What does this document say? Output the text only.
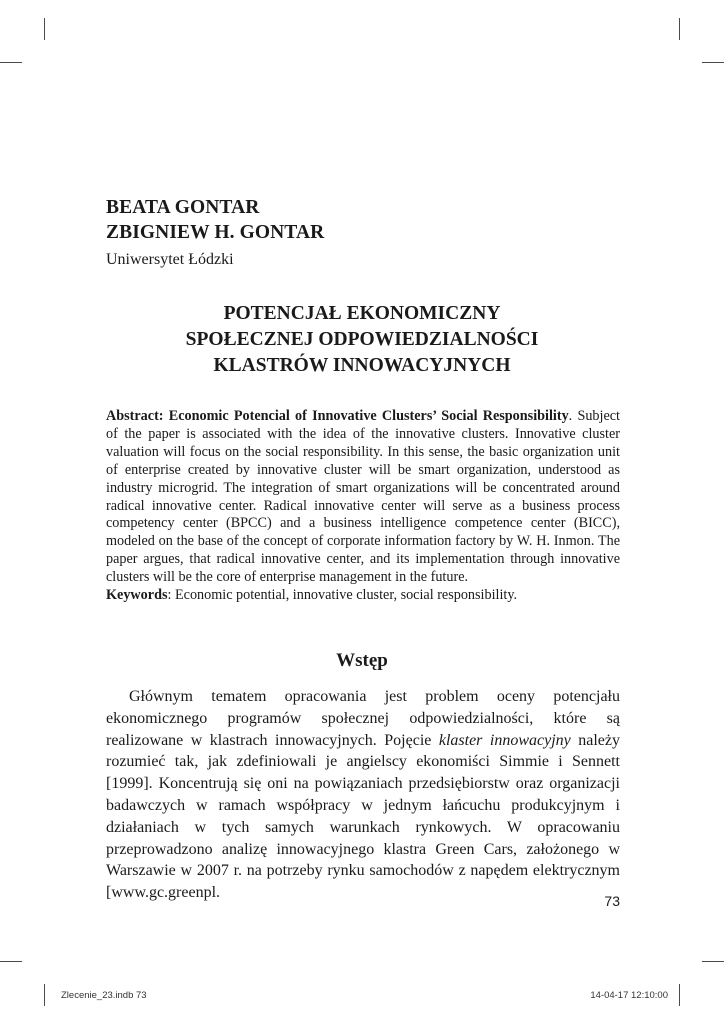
BEATA GONTAR
ZBIGNIEW H. GONTAR
Uniwersytet Łódzki
POTENCJAŁ EKONOMICZNY
SPOŁECZNEJ ODPOWIEDZIALNOŚCI
KLASTRÓW INNOWACYJNYCH

Abstract: Economic Potencial of Innovative Clusters’ Social Responsibility. Subject of the paper is associated with the idea of the innovative clusters. Innovative cluster valuation will focus on the social responsibility. In this sense, the basic organization unit of enterprise created by innovative cluster will be smart organization, understood as industry microgrid. The integration of smart organizations will be concentrated around radical innovative center. Radical innovative center will serve as a business process competency center (BPCC) and a business intelligence competence center (BICC), modeled on the base of the concept of corporate information factory by W. H. Inmon. The paper argues, that radical innovative center, and its implementation through innovative clusters will be the core of enterprise management in the future.

Keywords: Economic potential, innovative cluster, social responsibility.

Wstęp

Głównym tematem opracowania jest problem oceny potencjału ekonomicznego programów społecznej odpowiedzialności, które są realizowane w klastrach innowacyjnych. Pojęcie klaster innowacyjny należy rozumieć tak, jak zdefiniowali je angielscy ekonomiści Simmie i Sennett [1999]. Koncentrują się oni na powiązaniach przedsiębiorstw oraz organizacji badawczych w ramach współpracy w jednym łańcuchu produkcyjnym i działaniach w tych samych warunkach rynkowych. W opracowaniu przeprowadzono analizę innowacyjnego klastra Green Cars, założonego w Warszawie w 2007 r. na potrzeby rynku samochodów z napędem elektrycznym [www.gc.greenpl.	73
Zlecenie_23.indb 73	14-04-17 12:10:00
